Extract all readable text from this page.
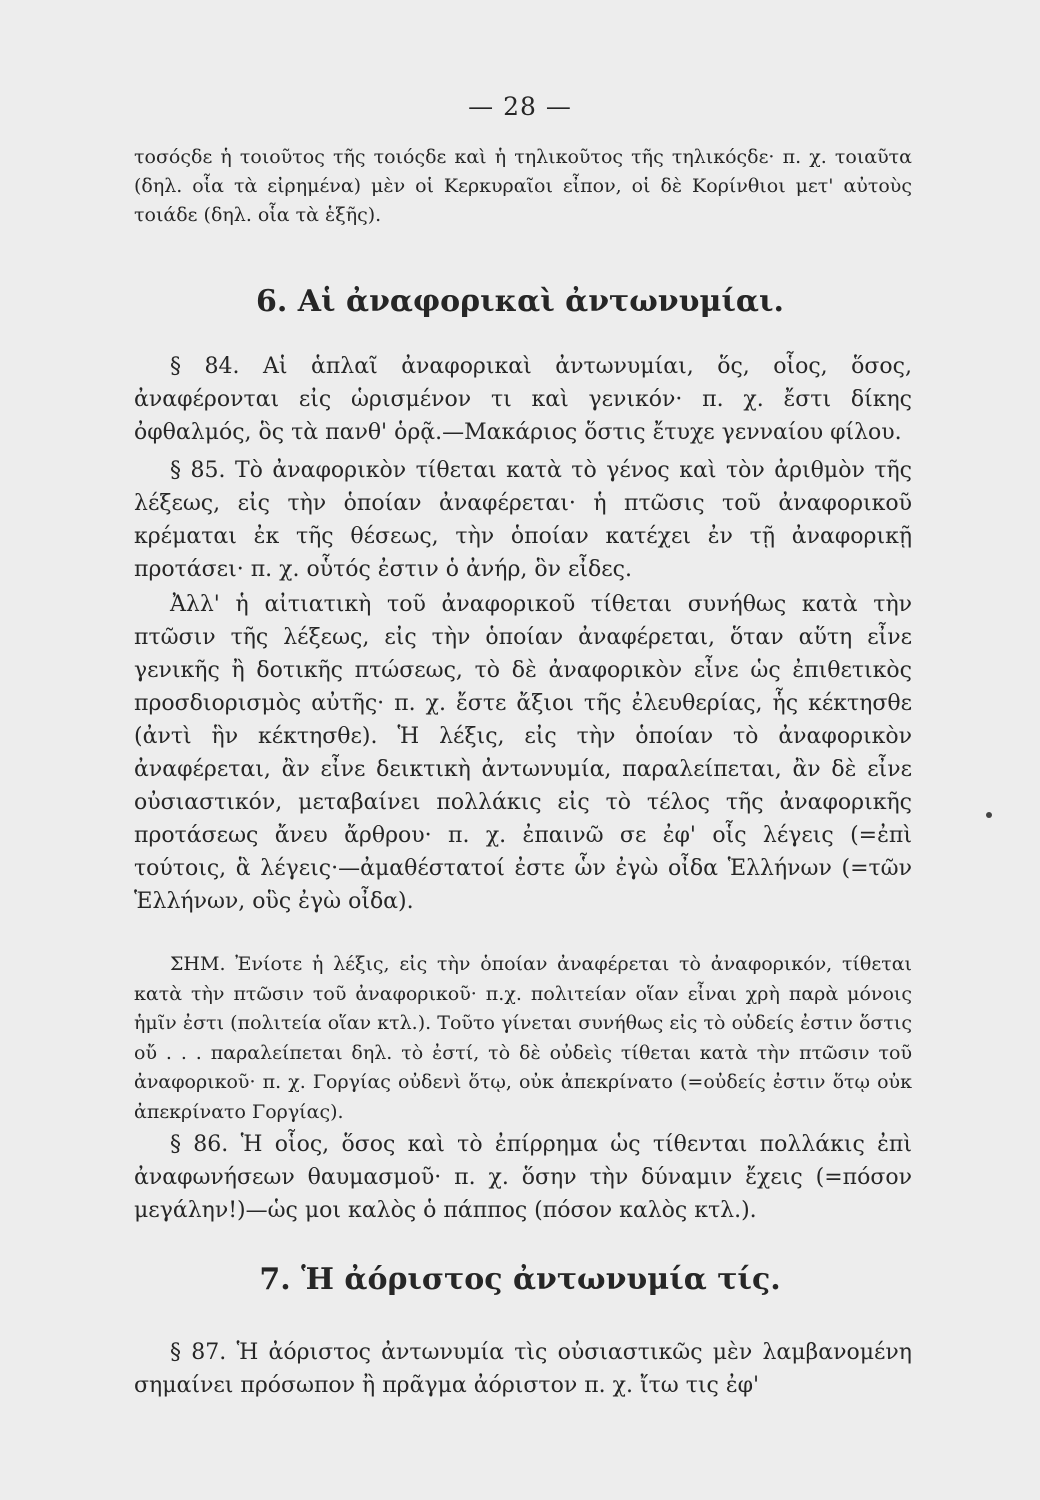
— 28 —

τοσόςδε ἡ τοιοῦτος τῆς τοιόςδε καὶ ἡ τηλικοῦτος τῆς τηλικόςδε· π. χ. τοιαῦτα (δηλ. οἷα τὰ εἰρημένα) μὲν οἱ Κερκυραῖοι εἶπον, οἱ δὲ Κορίνθιοι μετ' αὐτοὺς τοιάδε (δηλ. οἷα τὰ ἑξῆς).

6. Αἱ ἀναφορικαὶ ἀντωνυμίαι.

§ 84. Αἱ ἁπλαῖ ἀναφορικαὶ ἀντωνυμίαι, ὅς, οἷος, ὅσος, ἀναφέρονται εἰς ὡρισμένον τι καὶ γενικόν· π. χ. ἔστι δίκης ὀφθαλμός, ὃς τὰ πανθ' ὁρᾷ.—Μακάριος ὅστις ἔτυχε γενναίου φίλου.

§ 85. Τὸ ἀναφορικὸν τίθεται κατὰ τὸ γένος καὶ τὸν ἀριθμὸν τῆς λέξεως, εἰς τὴν ὁποίαν ἀναφέρεται· ἡ πτῶσις τοῦ ἀναφορικοῦ κρέμαται ἐκ τῆς θέσεως, τὴν ὁποίαν κατέχει ἐν τῇ ἀναφορικῇ προτάσει· π. χ. οὗτός ἐστιν ὁ ἀνήρ, ὃν εἶδες.

Ἀλλ' ἡ αἰτιατικὴ τοῦ ἀναφορικοῦ τίθεται συνήθως κατὰ τὴν πτῶσιν τῆς λέξεως, εἰς τὴν ὁποίαν ἀναφέρεται, ὅταν αὕτη εἶνε γενικῆς ἢ δοτικῆς πτώσεως, τὸ δὲ ἀναφορικὸν εἶνε ὡς ἐπιθετικὸς προσδιορισμὸς αὐτῆς· π. χ. ἔστε ἄξιοι τῆς ἐλευθερίας, ἧς κέκτησθε (ἀντὶ ἣν κέκτησθε). Ἡ λέξις, εἰς τὴν ὁποίαν τὸ ἀναφορικὸν ἀναφέρεται, ἂν εἶνε δεικτικὴ ἀντωνυμία, παραλείπεται, ἂν δὲ εἶνε οὐσιαστικόν, μεταβαίνει πολλάκις εἰς τὸ τέλος τῆς ἀναφορικῆς προτάσεως ἄνευ ἄρθρου· π. χ. ἐπαινῶ σε ἐφ' οἷς λέγεις (=ἐπὶ τούτοις, ἃ λέγεις·—ἀμαθέστατοί ἐστε ὧν ἐγὼ οἶδα Ἑλλήνων (=τῶν Ἑλλήνων, οὓς ἐγὼ οἶδα).

ΣΗΜ. Ἐνίοτε ἡ λέξις, εἰς τὴν ὁποίαν ἀναφέρεται τὸ ἀναφορικόν, τίθεται κατὰ τὴν πτῶσιν τοῦ ἀναφορικοῦ· π.χ. πολιτείαν οἵαν εἶναι χρὴ παρὰ μόνοις ἡμῖν ἐστι (πολιτεία οἵαν κτλ.). Τοῦτο γίνεται συνήθως εἰς τὸ οὐδείς ἐστιν ὅστις οὔ . . . παραλείπεται δηλ. τὸ ἐστί, τὸ δὲ οὐδεὶς τίθεται κατὰ τὴν πτῶσιν τοῦ ἀναφορικοῦ· π. χ. Γοργίας οὐδενὶ ὅτῳ, οὐκ ἀπεκρίνατο (=οὐδείς ἐστιν ὅτῳ οὐκ ἀπεκρίνατο Γοργίας).

§ 86. Ἡ οἷος, ὅσος καὶ τὸ ἐπίρρημα ὡς τίθενται πολλάκις ἐπὶ ἀναφωνήσεων θαυμασμοῦ· π. χ. ὅσην τὴν δύναμιν ἔχεις (=πόσον μεγάλην!)—ὡς μοι καλὸς ὁ πάππος (πόσον καλὸς κτλ.).

7. Ἡ ἀόριστος ἀντωνυμία τίς.

§ 87. Ἡ ἀόριστος ἀντωνυμία τὶς οὐσιαστικῶς μὲν λαμβανομένη σημαίνει πρόσωπον ἢ πρᾶγμα ἀόριστον π. χ. ἴτω τις ἐφ'
